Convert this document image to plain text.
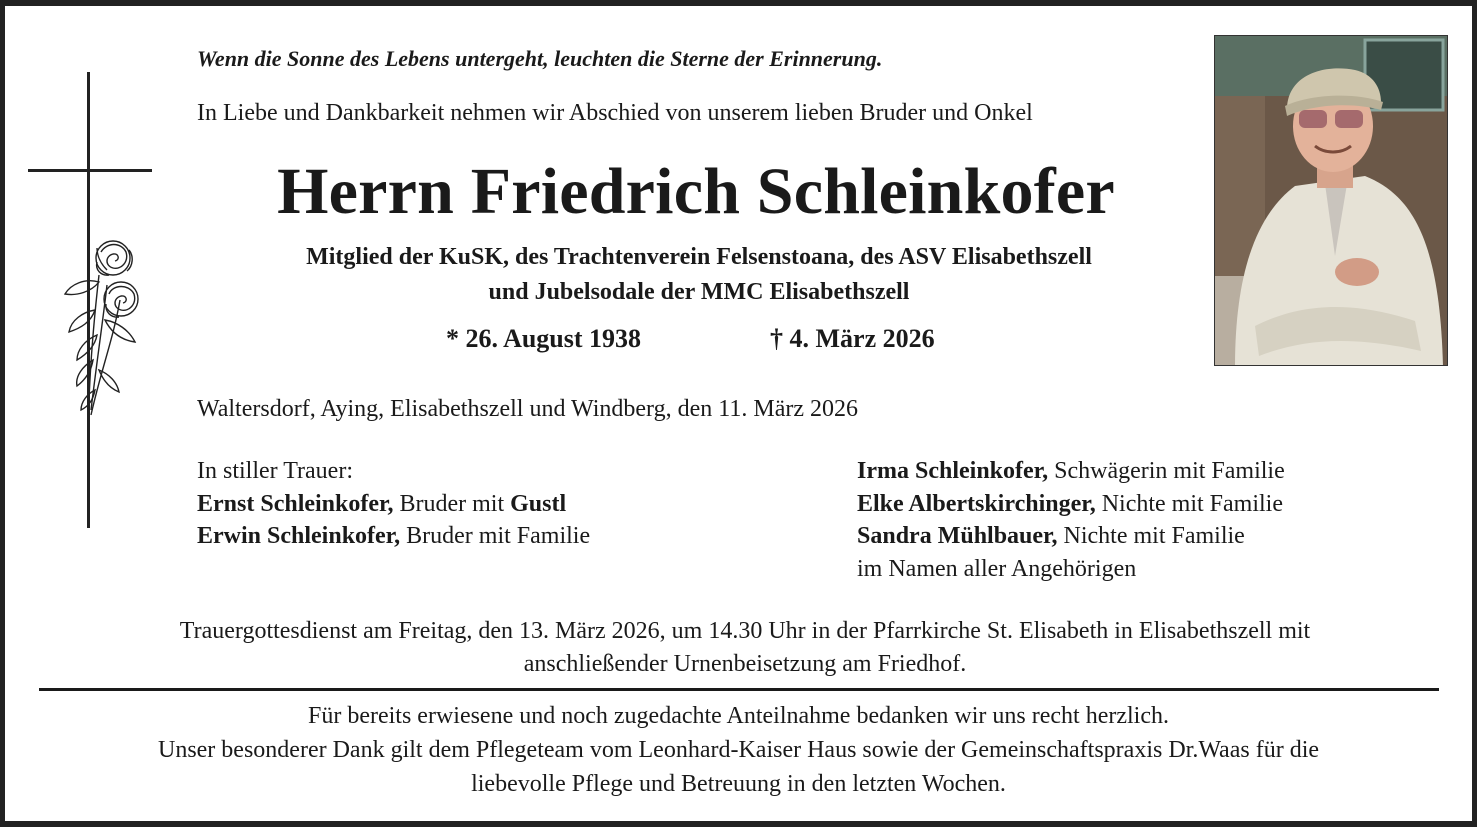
Wenn die Sonne des Lebens untergeht, leuchten die Sterne der Erinnerung.
In Liebe und Dankbarkeit nehmen wir Abschied von unserem lieben Bruder und Onkel
Herrn Friedrich Schleinkofer
Mitglied der KuSK, des Trachtenverein Felsenstoana, des ASV Elisabethszell
und Jubelsodale der MMC Elisabethszell
* 26. August 1938	† 4. März 2026
Waltersdorf, Aying, Elisabethszell und Windberg, den 11. März 2026
In stiller Trauer:
Ernst Schleinkofer, Bruder mit Gustl
Erwin Schleinkofer, Bruder mit Familie
Irma Schleinkofer, Schwägerin mit Familie
Elke Albertskirchinger, Nichte mit Familie
Sandra Mühlbauer, Nichte mit Familie
im Namen aller Angehörigen
Trauergottesdienst am Freitag, den 13. März 2026, um 14.30 Uhr in der Pfarrkirche St. Elisabeth in Elisabethszell mit
anschließender Urnenbeisetzung am Friedhof.
Für bereits erwiesene und noch zugedachte Anteilnahme bedanken wir uns recht herzlich.
Unser besonderer Dank gilt dem Pflegeteam vom Leonhard-Kaiser Haus sowie der Gemeinschaftspraxis Dr.Waas für die
liebevolle Pflege und Betreuung in den letzten Wochen.
